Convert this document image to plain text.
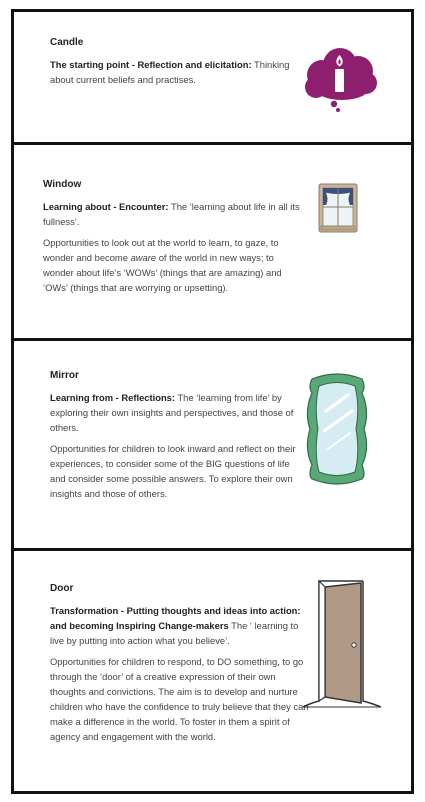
Candle

The starting point - Reflection and elicitation: Thinking about current beliefs and practises.

Window

Learning about - Encounter: The ‘learning about life in all its fullness’.

Opportunities to look out at the world to learn, to gaze, to wonder and become aware of the world in new ways; to wonder about life’s ‘WOWs’ (things that are amazing) and ‘OWs’ (things that are worrying or upsetting).

Mirror

Learning from - Reflections: The ‘learning from life’ by exploring their own insights and perspectives, and those of others.

Opportunities for children to look inward and reflect on their experiences, to consider some of the BIG questions of life and consider some possible answers. To explore their own insights and those of others.

Door

Transformation - Putting thoughts and ideas into action: and becoming Inspiring Change-makers The ‘ learning to live by putting into action what you believe’.

Opportunities for children to respond, to DO something, to go through the ‘door’ of a creative expression of their own thoughts and convictions. The aim is to develop and nurture children who have the confidence to truly believe that they can make a difference in the world. To foster in them a spirit of agency and engagement with the world.
